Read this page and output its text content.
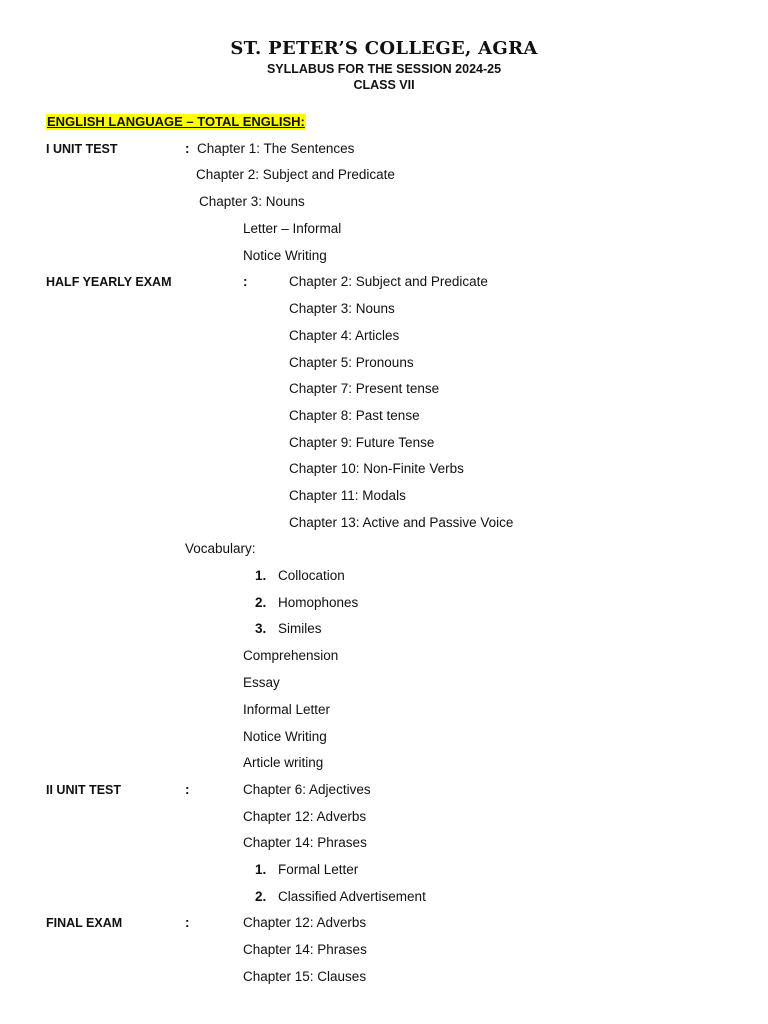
ST. PETER’S COLLEGE, AGRA
SYLLABUS FOR THE SESSION 2024-25
CLASS VII
ENGLISH LANGUAGE – TOTAL ENGLISH:
I UNIT TEST	: Chapter 1: The Sentences
Chapter 2: Subject and Predicate
Chapter 3: Nouns
Letter – Informal
Notice Writing
HALF YEARLY EXAM	:	Chapter 2: Subject and Predicate
Chapter 3: Nouns
Chapter 4: Articles
Chapter 5: Pronouns
Chapter 7: Present tense
Chapter 8: Past tense
Chapter 9: Future Tense
Chapter 10: Non-Finite Verbs
Chapter 11: Modals
Chapter 13: Active and Passive Voice
Vocabulary:
1. Collocation
2. Homophones
3. Similes
Comprehension
Essay
Informal Letter
Notice Writing
Article writing
II UNIT TEST	:	Chapter 6: Adjectives
Chapter 12: Adverbs
Chapter 14: Phrases
1. Formal Letter
2. Classified Advertisement
FINAL EXAM	:	Chapter 12: Adverbs
Chapter 14: Phrases
Chapter 15: Clauses
